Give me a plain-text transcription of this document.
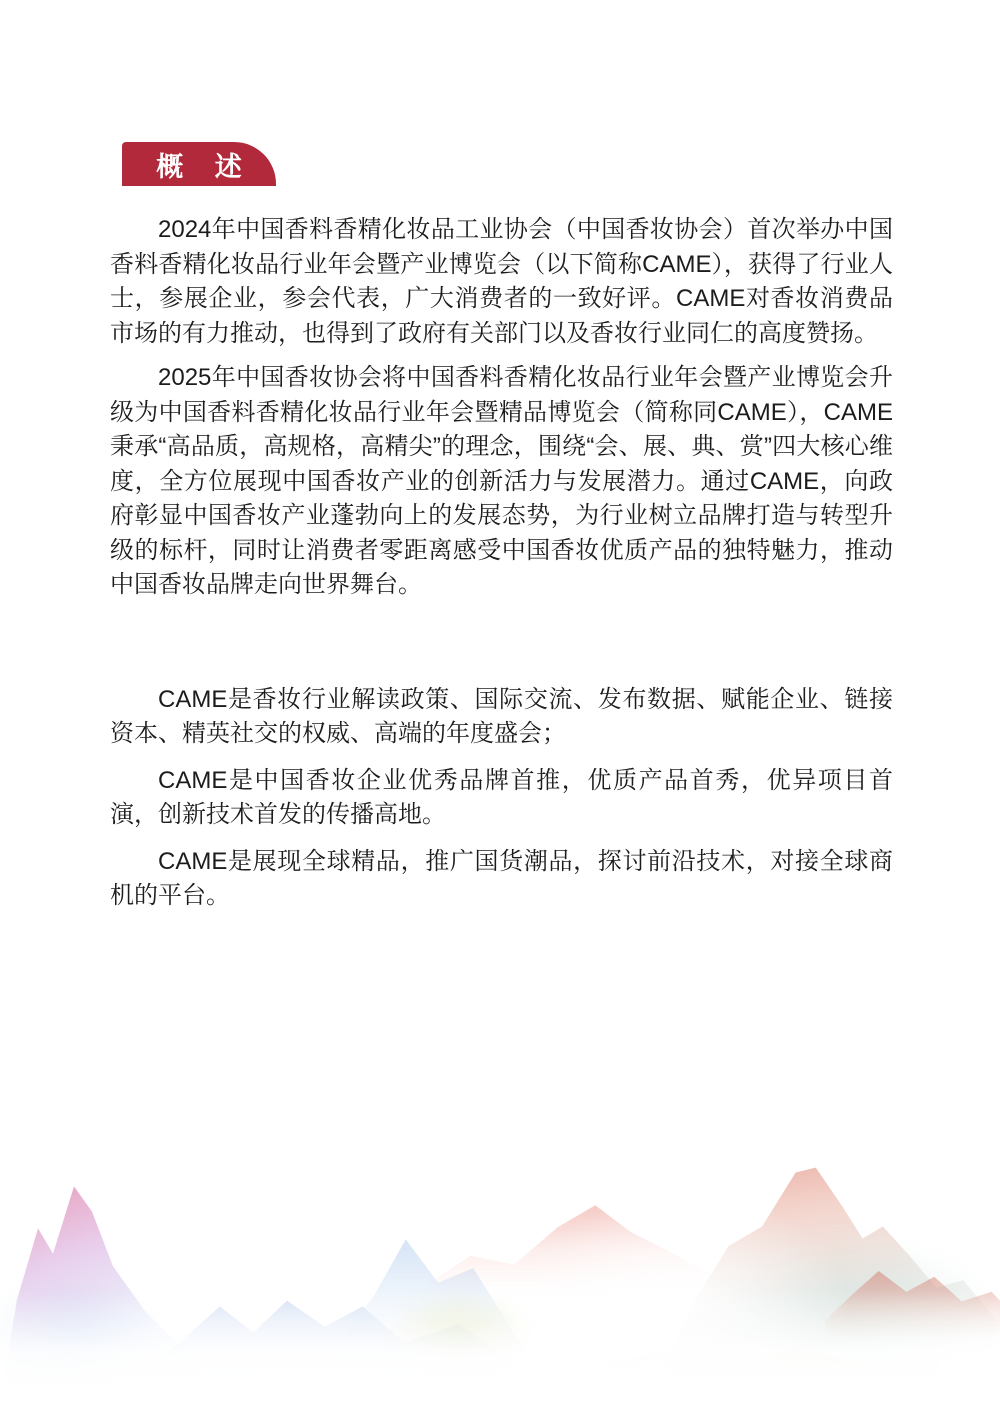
概 述

2024年中国香料香精化妆品工业协会（中国香妆协会）首次举办中国香料香精化妆品行业年会暨产业博览会（以下简称CAME），获得了行业人士，参展企业，参会代表，广大消费者的一致好评。CAME对香妆消费品市场的有力推动，也得到了政府有关部门以及香妆行业同仁的高度赞扬。

2025年中国香妆协会将中国香料香精化妆品行业年会暨产业博览会升级为中国香料香精化妆品行业年会暨精品博览会（简称同CAME），CAME秉承“高品质，高规格，高精尖”的理念，围绕“会、展、典、赏”四大核心维度，全方位展现中国香妆产业的创新活力与发展潜力。通过CAME，向政府彰显中国香妆产业蓬勃向上的发展态势，为行业树立品牌打造与转型升级的标杆，同时让消费者零距离感受中国香妆优质产品的独特魅力，推动中国香妆品牌走向世界舞台。

CAME是香妆行业解读政策、国际交流、发布数据、赋能企业、链接资本、精英社交的权威、高端的年度盛会；

CAME是中国香妆企业优秀品牌首推，优质产品首秀，优异项目首演，创新技术首发的传播高地。

CAME是展现全球精品，推广国货潮品，探讨前沿技术，对接全球商机的平台。
